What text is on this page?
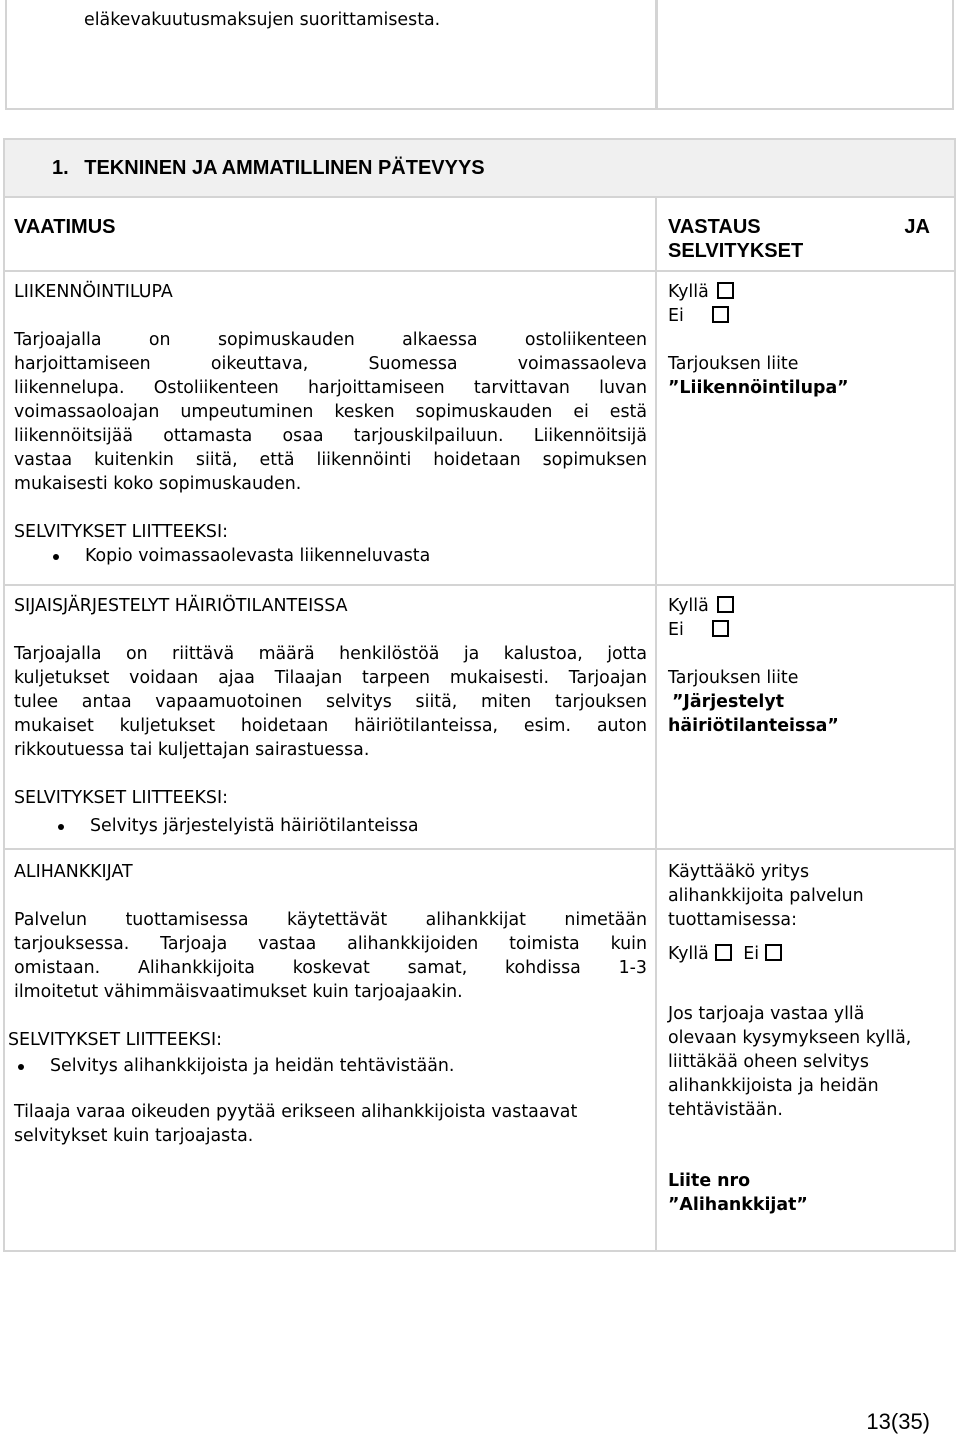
eläkevakuutusmaksujen suorittamisesta.

1. TEKNINEN JA AMMATILLINEN PÄTEVYYS
VAATIMUS	VASTAUS	JA
SELVITYKSET

LIIKENNÖINTILUPA

Tarjoajalla on sopimuskauden alkaessa ostoliikenteen

harjoittamiseen oikeuttava, Suomessa voimassaoleva

liikennelupa. Ostoliikenteen harjoittamiseen tarvittavan luvan

voimassaoloajan umpeutuminen kesken sopimuskauden ei estä

liikennöitsijää ottamasta osaa tarjouskilpailuun. Liikennöitsijä

vastaa kuitenkin siitä, että liikennöinti hoidetaan sopimuksen

mukaisesti koko sopimuskauden.

SELVITYKSET LIITTEEKSI:

Kopio voimassaolevasta liikenneluvasta

Kyllä

Ei

Tarjouksen liite

”Liikennöintilupa”

SIJAISJÄRJESTELYT HÄIRIÖTILANTEISSA

Tarjoajalla on riittävä määrä henkilöstöä ja kalustoa, jotta

kuljetukset voidaan ajaa Tilaajan tarpeen mukaisesti. Tarjoajan

tulee antaa vapaamuotoinen selvitys siitä, miten tarjouksen

mukaiset kuljetukset hoidetaan häiriötilanteissa, esim. auton

rikkoutuessa tai kuljettajan sairastuessa.

SELVITYKSET LIITTEEKSI:

Selvitys järjestelyistä häiriötilanteissa

Kyllä

Ei

Tarjouksen liite

”Järjestelyt

häiriötilanteissa”

ALIHANKKIJAT

Palvelun tuottamisessa käytettävät alihankkijat nimetään

tarjouksessa. Tarjoaja vastaa alihankkijoiden toimista kuin

omistaan. Alihankkijoita koskevat samat, kohdissa 1-3

ilmoitetut vähimmäisvaatimukset kuin tarjoajaakin.

SELVITYKSET LIITTEEKSI:

Selvitys alihankkijoista ja heidän tehtävistään.

Tilaaja varaa oikeuden pyytää erikseen alihankkijoista vastaavat

selvitykset kuin tarjoajasta.

Käyttääkö yritys

alihankkijoita palvelun

tuottamisessa:

Kyllä Ei

Jos tarjoaja vastaa yllä

olevaan kysymykseen kyllä,

liittäkää oheen selvitys

alihankkijoista ja heidän

tehtävistään.

Liite nro

”Alihankkijat”

13(35)
